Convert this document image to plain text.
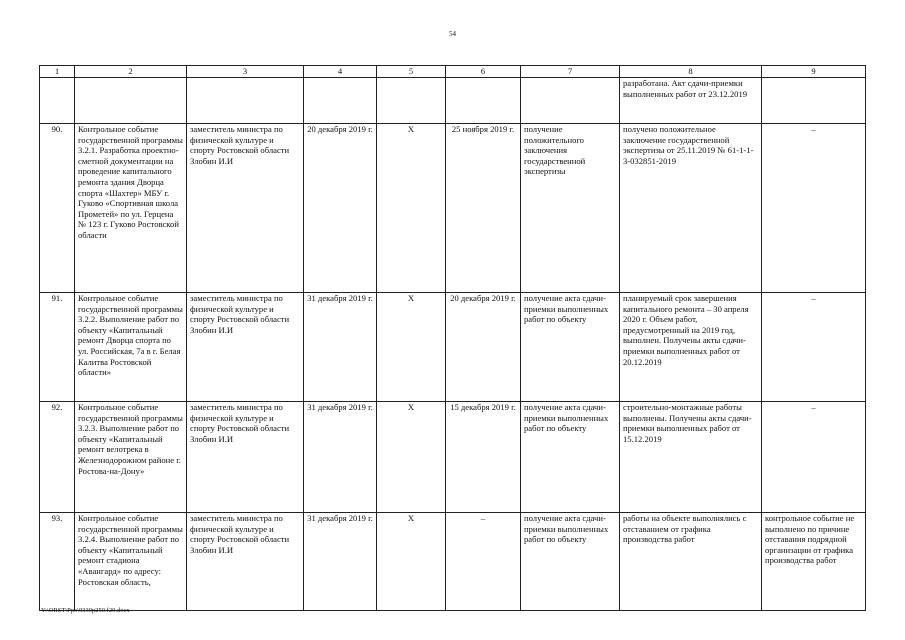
54
1	2	3	4	5	6	7	8	9
							разработана. Акт сдачи-приемки выполненных работ от 23.12.2019	
90.	Контрольное событие государственной программы 3.2.1. Разработка проектно-сметной документации на проведение капитального ремонта здания Дворца спорта «Шахтер» МБУ г. Гуково «Спортивная школа Прометей» по ул. Герцена № 123 г. Гуково Ростовской области	заместитель министра по физической культуре и спорту Ростовской области Злобин И.И	20 декабря 2019 г.	X	25 ноября 2019 г.	получение положительного заключения государственной экспертизы	получено положительное заключение государственной экспертизы от 25.11.2019 № 61-1-1-3-032851-2019	–
91.	Контрольное событие государственной программы 3.2.2. Выполнение работ по объекту «Капитальный ремонт Дворца спорта по ул. Российская, 7а в г. Белая Калитва Ростовской области»	заместитель министра по физической культуре и спорту Ростовской области Злобин И.И	31 декабря 2019 г.	X	20 декабря 2019 г.	получение акта сдачи-приемки выполненных работ по объекту	планируемый срок завершения капитального ремонта – 30 апреля 2020 г. Объем работ, предусмотренный на 2019 год, выполнен. Получены акты сдачи-приемки выполненных работ от 20.12.2019	–
92.	Контрольное событие государственной программы 3.2.3. Выполнение работ по объекту «Капитальный ремонт велотрека в Железнодорожном районе г. Ростова-на-Дону»	заместитель министра по физической культуре и спорту Ростовской области Злобин И.И	31 декабря 2019 г.	X	15 декабря 2019 г.	получение акта сдачи-приемки выполненных работ по объекту	строительно-монтажные работы выполнены. Получены акты сдачи-приемки выполненных работ от 15.12.2019	–
93.	Контрольное событие государственной программы 3.2.4. Выполнение работ по объекту «Капитальный ремонт стадиона «Авангард» по адресу: Ростовская область,	заместитель министра по физической культуре и спорту Ростовской области Злобин И.И	31 декабря 2019 г.	X	–	получение акта сдачи-приемки выполненных работ по объекту	работы на объекте выполнялись с отставанием от графика производства работ	контрольное событие не выполнено по причине отставания подрядной организации от графика производства работ
Y:\ORST\Ppo\0330p250.f20.docx
